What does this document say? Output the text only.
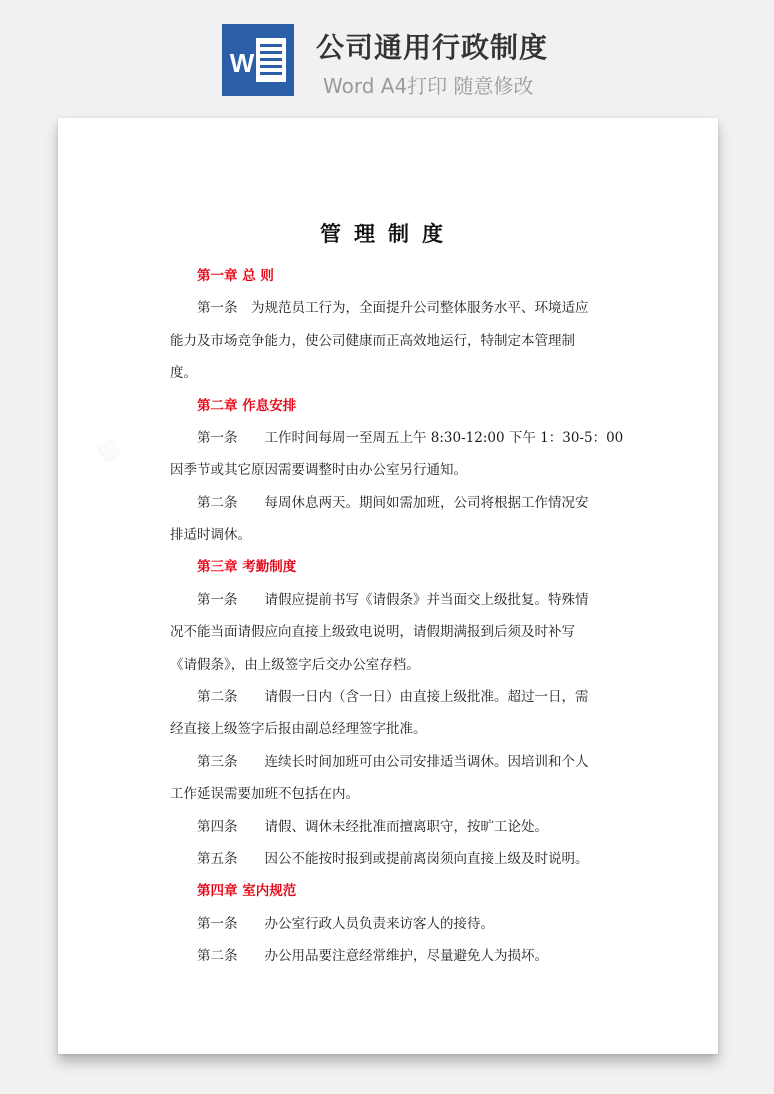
W 公司通用行政制度
Word A4打印 随意修改
▨
管理制度
第一章 总 则
第一条　为规范员工行为，全面提升公司整体服务水平、环境适应
能力及市场竞争能力，使公司健康而正高效地运行，特制定本管理制
度。
第二章 作息安排
第一条　　工作时间每周一至周五上午 8:30-12:00 下午 1：30-5：00
因季节或其它原因需要调整时由办公室另行通知。
第二条　　每周休息两天。期间如需加班，公司将根据工作情况安
排适时调休。
第三章 考勤制度
第一条　　请假应提前书写《请假条》并当面交上级批复。特殊情
况不能当面请假应向直接上级致电说明，请假期满报到后须及时补写
《请假条》，由上级签字后交办公室存档。
第二条　　请假一日内（含一日）由直接上级批准。超过一日，需
经直接上级签字后报由副总经理签字批准。
第三条　　连续长时间加班可由公司安排适当调休。因培训和个人
工作延误需要加班不包括在内。
第四条　　请假、调休未经批准而擅离职守，按旷工论处。
第五条　　因公不能按时报到或提前离岗须向直接上级及时说明。
第四章 室内规范
第一条　　办公室行政人员负责来访客人的接待。
第二条　　办公用品要注意经常维护，尽量避免人为损坏。
